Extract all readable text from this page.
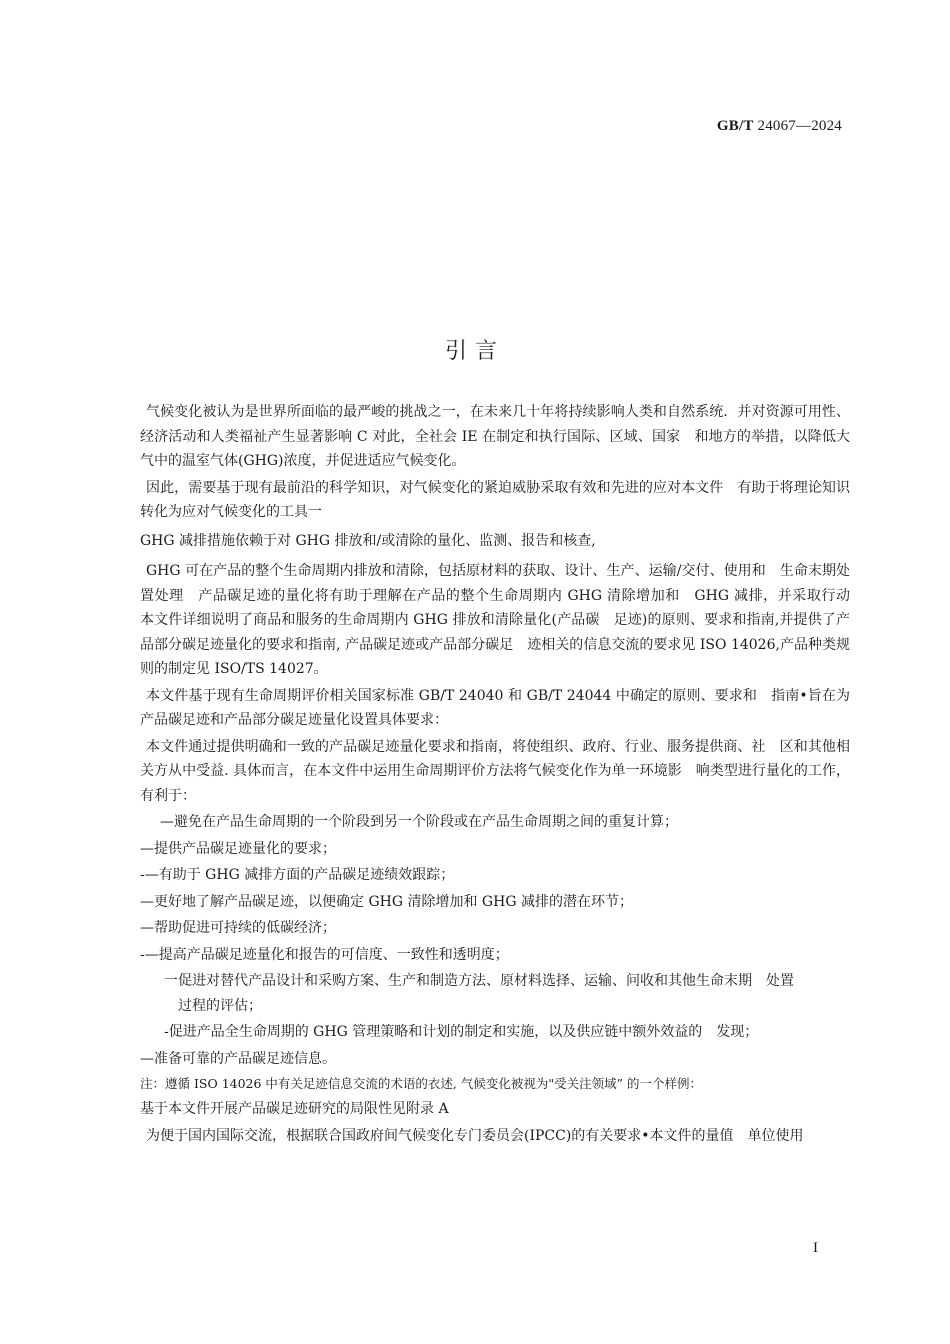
GB/T 24067—2024
引言

气候变化被认为是世界所面临的最严峻的挑战之一，在未来几十年将持续影响人类和自然系统．并对资源可用性、经济活动和人类福祉产生显著影响 C 对此，全社会 IE 在制定和执行国际、区域、国家　和地方的举措，以降低大气中的温室气体(GHG)浓度，并促进适应气候变化。

因此，需要基于现有最前沿的科学知识，对气候变化的紧迫威胁采取有效和先进的应对本文件　有助于将理论知识转化为应对气候变化的工具一

GHG 减排措施依赖于对 GHG 排放和/或清除的量化、监测、报告和核查,

GHG 可在产品的整个生命周期内排放和清除，包括原材料的获取、设计、生产、运输/交付、使用和　生命末期处置处理　产品碳足迹的量化将有助于理解在产品的整个生命周期内 GHG 清除增加和　GHG 减排，并采取行动　本文件详细说明了商品和服务的生命周期内 GHG 排放和清除量化(产品碳　足迹)的原则、要求和指南,并提供了产品部分碳足迹量化的要求和指南, 产品碳足迹或产品部分碳足　迹相关的信息交流的要求见 ISO 14026,产品种类规则的制定见 ISO/TS 14027。

本文件基于现有生命周期评价相关国家标准 GB/T 24040 和 GB/T 24044 中确定的原则、要求和　指南•旨在为产品碳足迹和产品部分碳足迹量化设置具体要求：

本文件通过提供明确和一致的产品碳足迹量化要求和指南，将使组织、政府、行业、服务提供商、社　区和其他相关方从中受益. 具体而言，在本文件中运用生命周期评价方法将气候变化作为单一环境影　响类型进行量化的工作，有利于：

—避免在产品生命周期的一个阶段到另一个阶段或在产品生命周期之间的重复计算；

—提供产品碳足迹量化的要求；

-—有助于 GHG 减排方面的产品碳足迹绩效跟踪；

—更好地了解产品碳足迹，以便确定 GHG 清除增加和 GHG 减排的潜在环节；

—帮助促进可持续的低碳经济；

-—提高产品碳足迹量化和报告的可信度、一致性和透明度；

一促进对替代产品设计和采购方案、生产和制造方法、原材料选择、运输、问收和其他生命末期　处置
过程的评估；

-促进产品全生命周期的 GHG 管理策略和计划的制定和实施，以及供应链中额外效益的　发现；

—准备可靠的产品碳足迹信息。

注：遵循 ISO 14026 中有关足迹信息交流的术语的衣述, 气候变化被视为"受关注领域” 的一个样例：

基于本文件开展产品碳足迹研究的局限性见附录 A

为便于国内国际交流，根据联合国政府间气候变化专门委员会(IPCC)的有关要求•本文件的量值　单位使用

I
